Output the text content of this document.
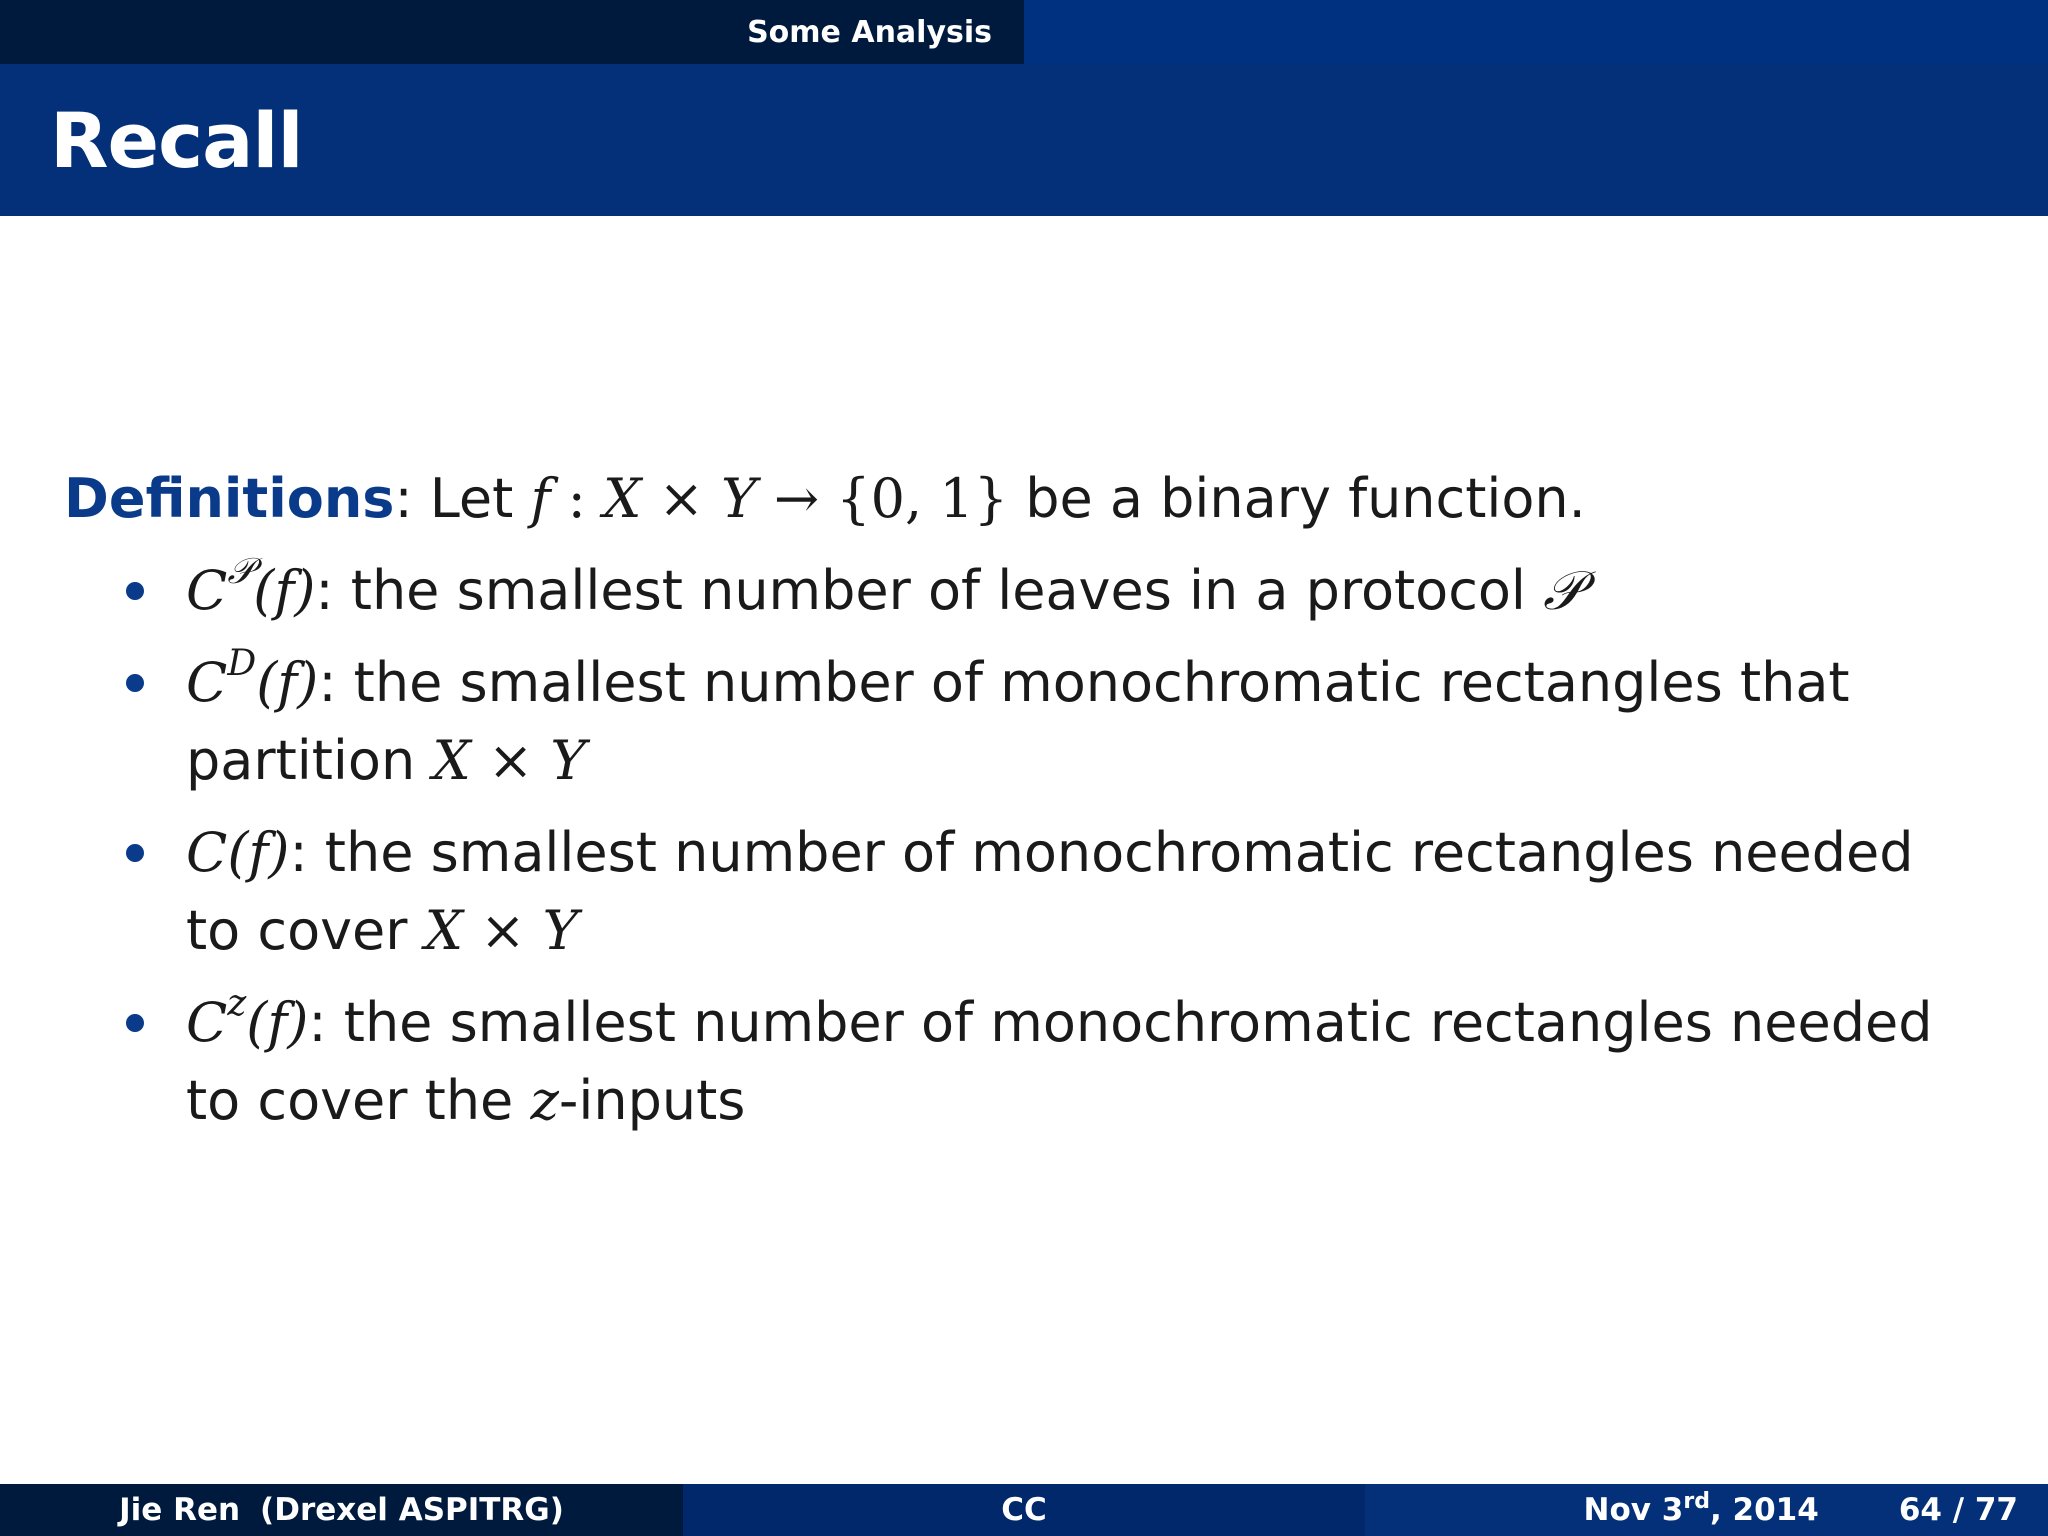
Some Analysis
Recall
Definitions: Let f : X × Y → {0, 1} be a binary function.
$C^𝒫(f)$: the smallest number of leaves in a protocol 𝒫
$C^D(f)$: the smallest number of monochromatic rectangles that partition X × Y
C(f): the smallest number of monochromatic rectangles needed to cover X × Y
$C^z(f)$: the smallest number of monochromatic rectangles needed to cover the z-inputs
Jie Ren (Drexel ASPITRG)	CC	Nov 3rd, 2014	64 / 77
